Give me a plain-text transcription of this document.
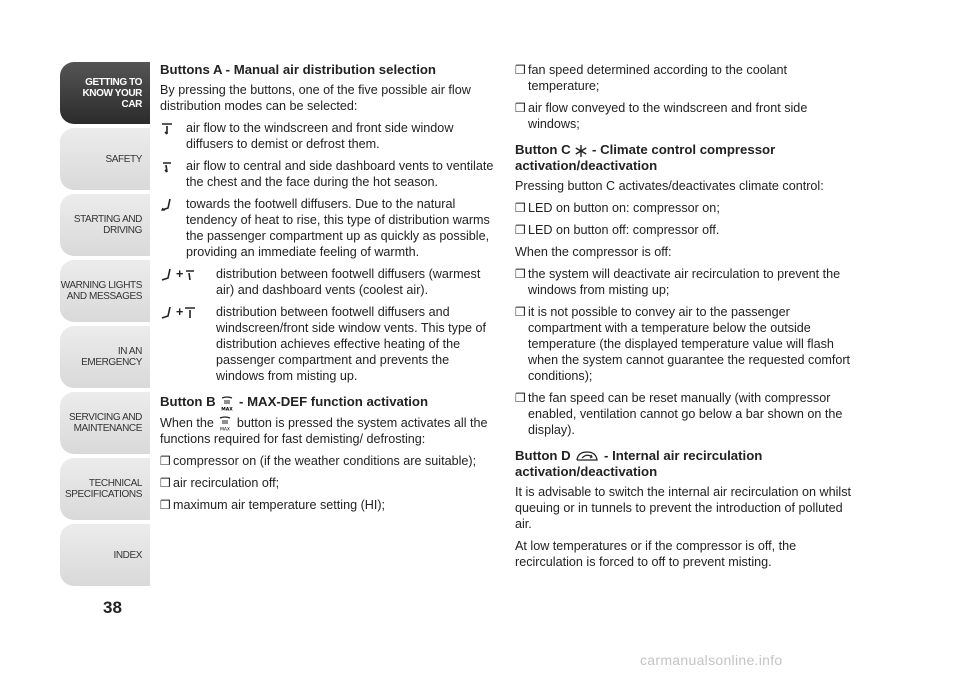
GETTING TO
KNOW YOUR CAR
SAFETY
STARTING AND
DRIVING
WARNING LIGHTS
AND MESSAGES
IN AN EMERGENCY
SERVICING AND
MAINTENANCE
TECHNICAL
SPECIFICATIONS
INDEX
38
Buttons A - Manual air distribution selection

By pressing the buttons, one of the five possible air flow distribution modes can be selected:

air flow to the windscreen and front side window diffusers to demist or defrost them.
air flow to central and side dashboard vents to ventilate the chest and the face during the hot season.
towards the footwell diffusers. Due to the natural tendency of heat to rise, this type of distribution warms the passenger compartment up as quickly as possible, providing an immediate feeling of warmth.
+	distribution between footwell diffusers (warmest air) and dashboard vents (coolest air).
+	distribution between footwell diffusers and windscreen/front side window vents. This type of distribution achieves effective heating of the passenger compartment and prevents the windows from misting up.
Button B
MAX
- MAX-DEF function activation

When the
MAX
button is pressed the system activates all the functions required for fast demisting/ defrosting:

❒ compressor on (if the weather conditions are suitable);
❒ air recirculation off;
❒ maximum air temperature setting (HI);
❒ fan speed determined according to the coolant temperature;
❒ air flow conveyed to the windscreen and front side windows;
Button C - Climate control compressor activation/deactivation

Pressing button C activates/deactivates climate control:

❒ LED on button on: compressor on;
❒ LED on button off: compressor off.

When the compressor is off:

❒ the system will deactivate air recirculation to prevent the windows from misting up;
❒ it is not possible to convey air to the passenger compartment with a temperature below the outside temperature (the displayed temperature value will flash when the system cannot guarantee the requested comfort conditions);
❒ the fan speed can be reset manually (with compressor enabled, ventilation cannot go below a bar shown on the display).
Button D	- Internal air recirculation activation/deactivation

It is advisable to switch the internal air recirculation on whilst queuing or in tunnels to prevent the introduction of polluted air.

At low temperatures or if the compressor is off, the recirculation is forced to off to prevent misting.

carmanualsonline.info
